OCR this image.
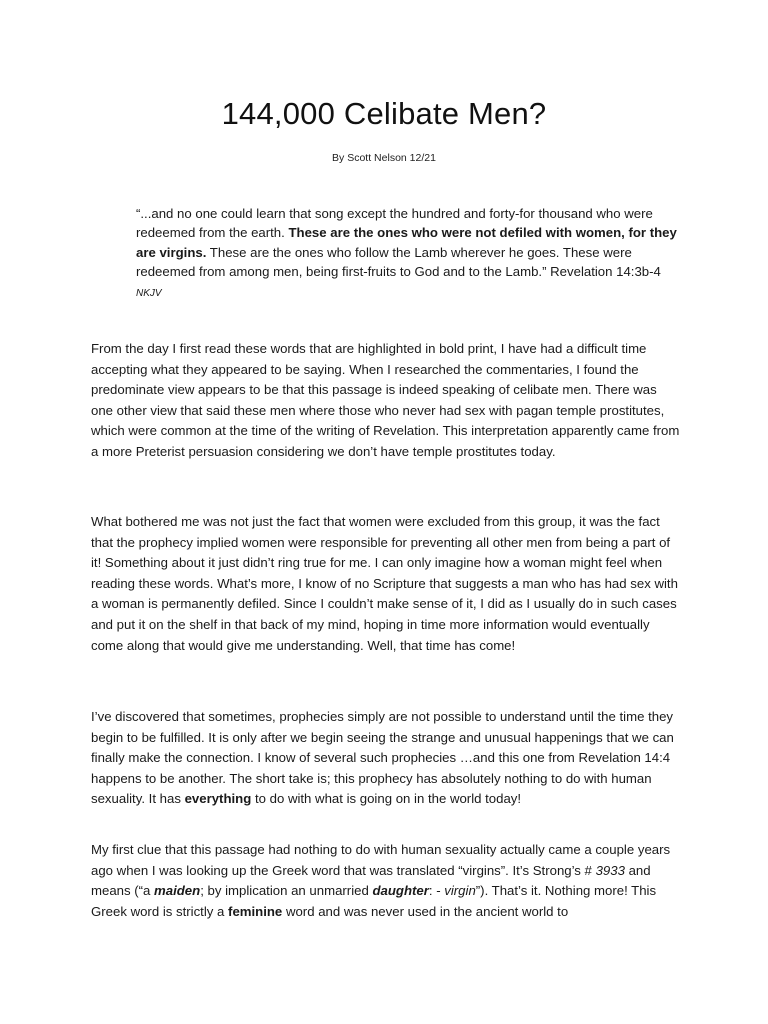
144,000 Celibate Men?
By Scott Nelson 12/21
“...and no one could learn that song except the hundred and forty-for thousand who were redeemed from the earth. These are the ones who were not defiled with women, for they are virgins. These are the ones who follow the Lamb wherever he goes. These were redeemed from among men, being first-fruits to God and to the Lamb.” Revelation 14:3b-4 NKJV

From the day I first read these words that are highlighted in bold print, I have had a difficult time accepting what they appeared to be saying. When I researched the commentaries, I found the predominate view appears to be that this passage is indeed speaking of celibate men. There was one other view that said these men where those who never had sex with pagan temple prostitutes, which were common at the time of the writing of Revelation. This interpretation apparently came from a more Preterist persuasion considering we don’t have temple prostitutes today.

What bothered me was not just the fact that women were excluded from this group, it was the fact that the prophecy implied women were responsible for preventing all other men from being a part of it! Something about it just didn’t ring true for me. I can only imagine how a woman might feel when reading these words. What’s more, I know of no Scripture that suggests a man who has had sex with a woman is permanently defiled. Since I couldn’t make sense of it, I did as I usually do in such cases and put it on the shelf in that back of my mind, hoping in time more information would eventually come along that would give me understanding. Well, that time has come!

I’ve discovered that sometimes, prophecies simply are not possible to understand until the time they begin to be fulfilled. It is only after we begin seeing the strange and unusual happenings that we can finally make the connection. I know of several such prophecies …and this one from Revelation 14:4 happens to be another. The short take is; this prophecy has absolutely nothing to do with human sexuality. It has everything to do with what is going on in the world today!

My first clue that this passage had nothing to do with human sexuality actually came a couple years ago when I was looking up the Greek word that was translated “virgins”. It’s Strong’s # 3933 and means (“a maiden; by implication an unmarried daughter: - virgin”). That’s it. Nothing more! This Greek word is strictly a feminine word and was never used in the ancient world to
